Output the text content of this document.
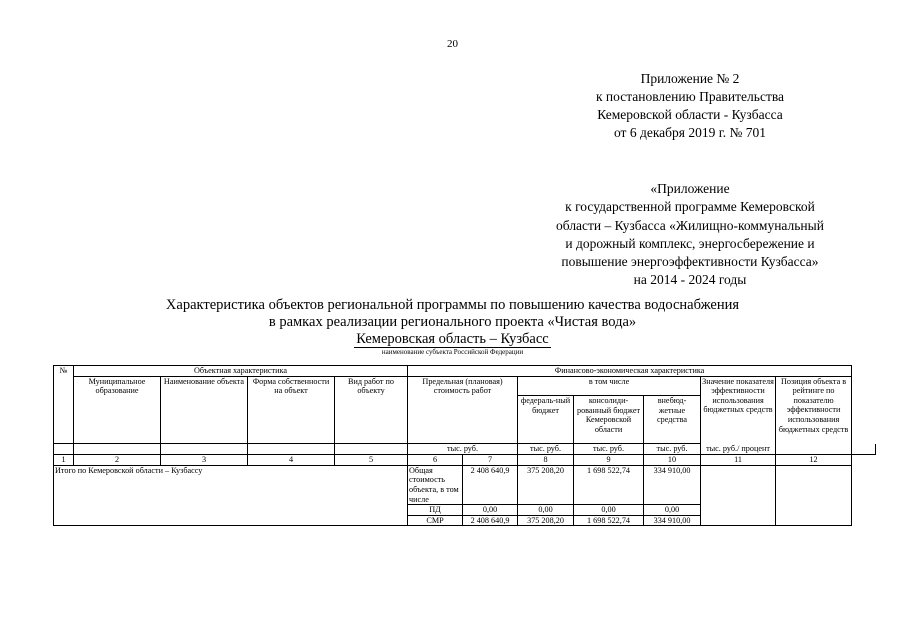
20
Приложение № 2
к постановлению Правительства
Кемеровской области - Кузбасса
от 6 декабря 2019 г. № 701
«Приложение
к государственной программе Кемеровской
области – Кузбасса «Жилищно-коммунальный
и дорожный комплекс, энергосбережение и
повышение энергоэффективности Кузбасса»
на 2014 - 2024 годы
Характеристика объектов региональной программы по повышению качества водоснабжения
в рамках реализации регионального проекта «Чистая вода»
Кемеровская область – Кузбасс
наименование субъекта Российской Федерации
№	Объектная характеристика				Финансово-экономическая характеристика							
	Муниципальное образование	Наименование объекта	Форма собственности на объект	Вид работ по объекту	Предельная (плановая) стоимость работ		в том числе			Значение показателя эффективности использования бюджетных средств	Позиция объекта в рейтинге по показателю эффективности использования бюджетных средств	
							федераль-ный бюджет	консолиди-рованный бюджет Кемеровской области	внебюд-жетные средства			
					тыс. руб.		тыс. руб.	тыс. руб.	тыс. руб.	тыс. руб./ процент		
1	2	3	4	5	6	7	8	9	10	11	12	
Итого по Кемеровской области – Кузбассу					Общая стоимость объекта, в том числе	2 408 640,9	375 208,20	1 698 522,74	334 910,00			
					ПД	0,00	0,00	0,00	0,00			
					СМР	2 408 640,9	375 208,20	1 698 522,74	334 910,00			
